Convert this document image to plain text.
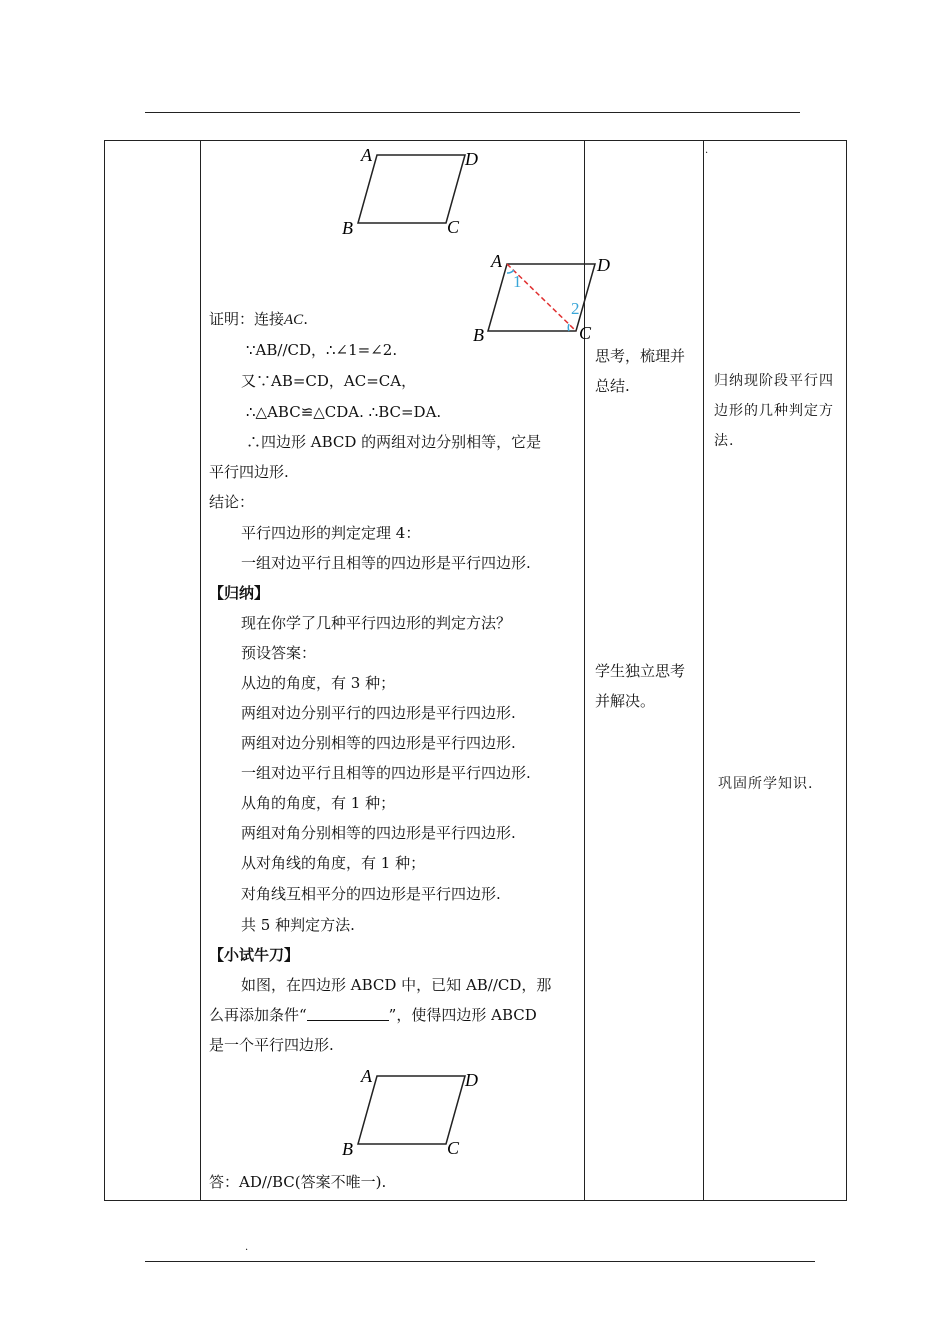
.

A	D
B	C
1
2
A	D
B	C
证明：连接AC.
∵AB//CD，∴∠1=∠2.
又∵AB=CD，AC=CA，
∴△ABC≌△CDA. ∴BC=DA.
∴四边形 ABCD 的两组对边分别相等，它是
平行四边形.
结论：
平行四边形的判定定理 4：
一组对边平行且相等的四边形是平行四边形.
【归纳】
现在你学了几种平行四边形的判定方法？
预设答案：
从边的角度，有 3 种；
两组对边分别平行的四边形是平行四边形.
两组对边分别相等的四边形是平行四边形.
一组对边平行且相等的四边形是平行四边形.
从角的角度，有 1 种；
两组对角分别相等的四边形是平行四边形.
从对角线的角度，有 1 种；
对角线互相平分的四边形是平行四边形.
共 5 种判定方法.
【小试牛刀】
如图，在四边形 ABCD 中，已知 AB//CD，那
么再添加条件“	”，使得四边形 ABCD
是一个平行四边形.
A	D
B	C
答：AD//BC(答案不唯一).

思考，梳理并总结.
学生独立思考并解决。

归纳现阶段平行四边形的几种判定方法.
巩固所学知识.
.
